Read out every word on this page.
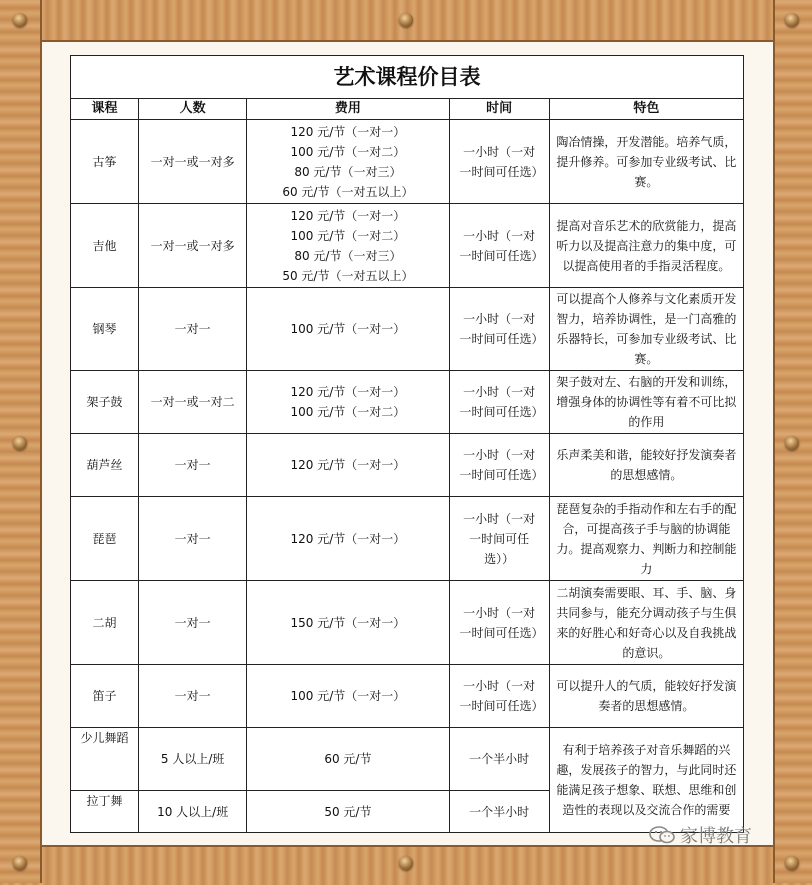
艺术课程价目表				
课程	人数	费用	时间	特色
古筝	一对一或一对多	120 元/节（一对一）
100 元/节（一对二）
80 元/节（一对三）
60 元/节（一对五以上）	一小时（一对一时间可任选）	陶冶情操，开发潜能。培养气质，提升修养。可参加专业级考试、比赛。
吉他	一对一或一对多	120 元/节（一对一）
100 元/节（一对二）
80 元/节（一对三）
50 元/节（一对五以上）	一小时（一对一时间可任选）	提高对音乐艺术的欣赏能力，提高听力以及提高注意力的集中度，可以提高使用者的手指灵活程度。
钢琴	一对一	100 元/节（一对一）	一小时（一对一时间可任选）	可以提高个人修养与文化素质开发智力，培养协调性，是一门高雅的乐器特长，可参加专业级考试、比赛。
架子鼓	一对一或一对二	120 元/节（一对一）
100 元/节（一对二）	一小时（一对一时间可任选）	架子鼓对左、右脑的开发和训练，增强身体的协调性等有着不可比拟的作用
葫芦丝	一对一	120 元/节（一对一）	一小时（一对一时间可任选）	乐声柔美和谐，能较好抒发演奏者的思想感情。
琵琶	一对一	120 元/节（一对一）	一小时（一对一时间可任选））	琵琶复杂的手指动作和左右手的配合，可提高孩子手与脑的协调能力。提高观察力、判断力和控制能力
二胡	一对一	150 元/节（一对一）	一小时（一对一时间可任选）	二胡演奏需要眼、耳、手、脑、身共同参与，能充分调动孩子与生俱来的好胜心和好奇心以及自我挑战的意识。
笛子	一对一	100 元/节（一对一）	一小时（一对一时间可任选）	可以提升人的气质，能较好抒发演奏者的思想感情。
少儿舞蹈	5 人以上/班	60 元/节	一个半小时	有利于培养孩子对音乐舞蹈的兴趣，发展孩子的智力，与此同时还能满足孩子想象、联想、思维和创造性的表现以及交流合作的需要
拉丁舞	10 人以上/班	50 元/节	一个半小时	
家博教育
